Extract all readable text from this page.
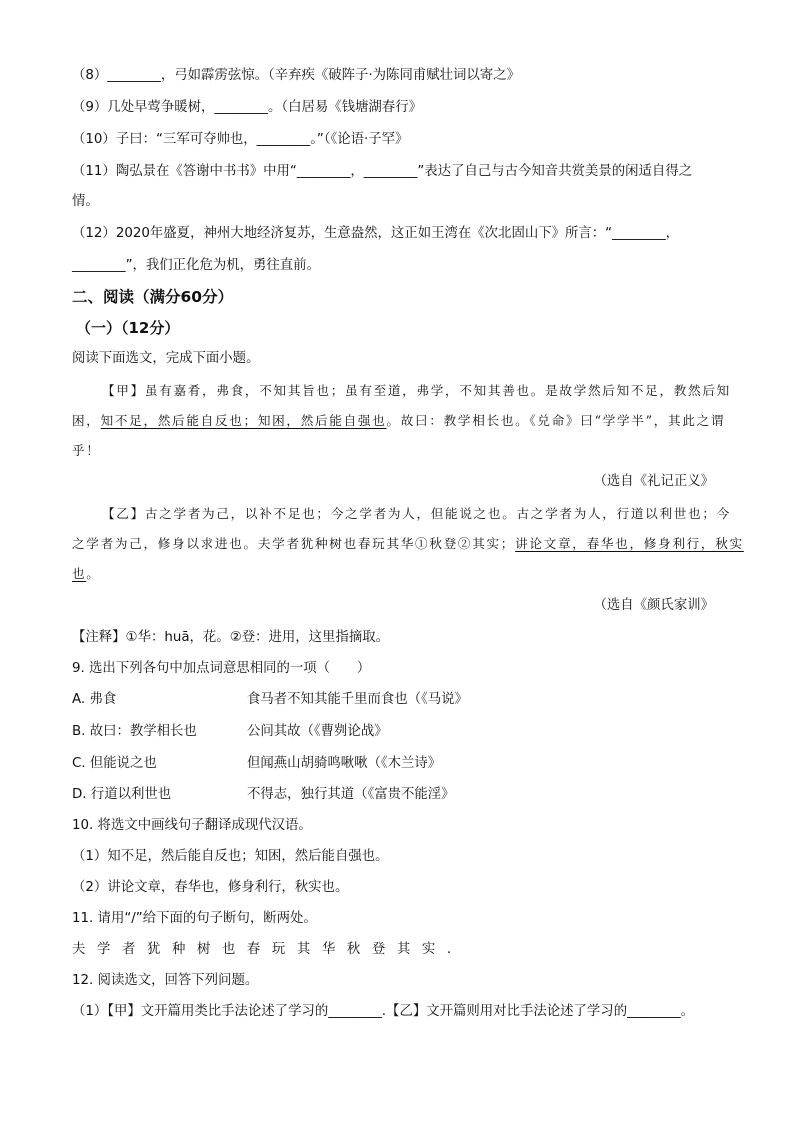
（8）________，弓如霹雳弦惊。（辛弃疾《破阵子·为陈同甫赋壮词以寄之》
（9）几处早莺争暖树，________。（白居易《钱塘湖春行》
（10）子曰：“三军可夺帅也，________。”（《论语·子罕》
（11）陶弘景在《答谢中书书》中用“________，________”表达了自己与古今知音共赏美景的闲适自得之
情。
（12）2020年盛夏，神州大地经济复苏，生意盎然，这正如王湾在《次北固山下》所言：“________，
________”，我们正化危为机，勇往直前。
二、阅读（满分60分）
（一）（12分）
阅读下面选文，完成下面小题。
【甲】虽有嘉肴，弗食，不知其旨也；虽有至道，弗学，不知其善也。是故学然后知不足，教然后知
困，知不足，然后能自反也；知困，然后能自强也。故曰：教学相长也。《兑命》曰“学学半”，其此之谓
乎！
（选自《礼记正义》
【乙】古之学者为己，以补不足也；今之学者为人，但能说之也。古之学者为人，行道以利世也；今
之学者为己，修身以求进也。夫学者犹种树也春玩其华①秋登②其实；讲论文章，春华也，修身利行，秋实
也。
（选自《颜氏家训》
【注释】①华：huā，花。②登：进用，这里指摘取。
9. 选出下列各句中加点词意思相同的一项（　　）
A. 弗食	食马者不知其能千里而食也（《马说》
B. 故曰：教学相长也	公问其故（《曹刿论战》
C. 但能说之也	但闻燕山胡骑鸣啾啾（《木兰诗》
D. 行道以利世也	不得志，独行其道（《富贵不能淫》
10. 将选文中画线句子翻译成现代汉语。
（1）知不足，然后能自反也；知困，然后能自强也。
（2）讲论文章，春华也，修身利行，秋实也。
11. 请用“/”给下面的句子断句，断两处。
夫学者犹种树也春玩其华秋登其实.
12. 阅读选文，回答下列问题。
（1）【甲】文开篇用类比手法论述了学习的________.【乙】文开篇则用对比手法论述了学习的________。
